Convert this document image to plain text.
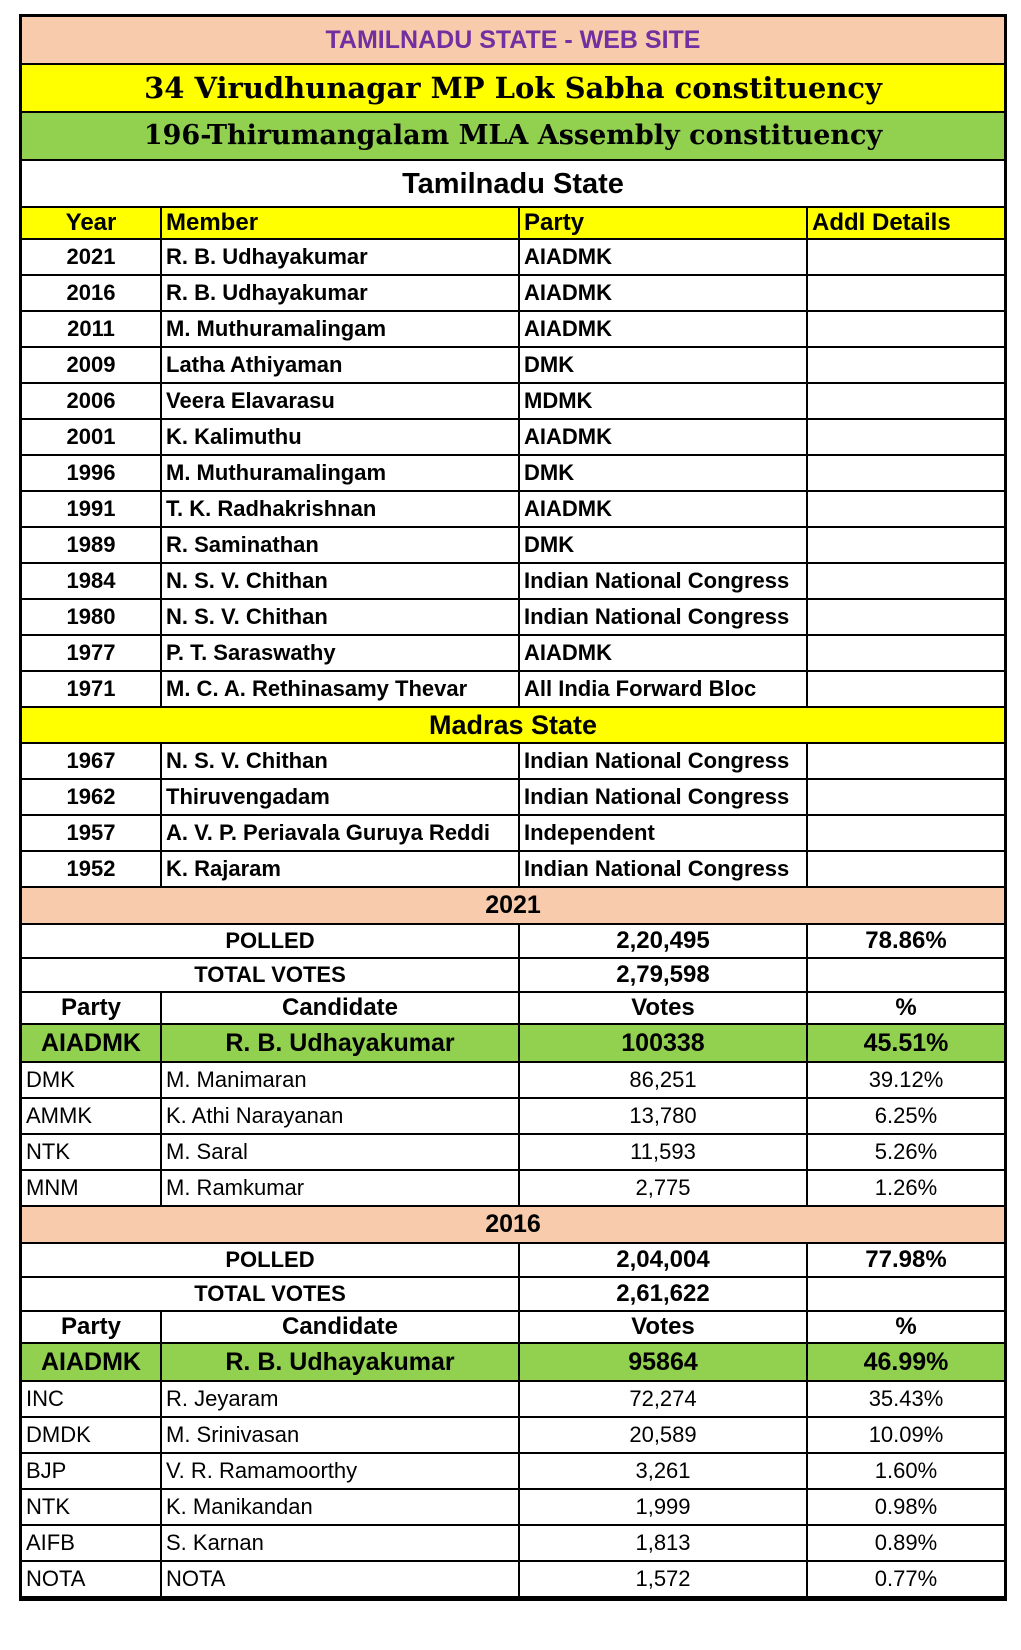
TAMILNADU STATE - WEB SITE
34 Virudhunagar MP Lok Sabha constituency
196-Thirumangalam MLA Assembly constituency
Tamilnadu State
Year	Member	Party	Addl Details
2021	R. B. Udhayakumar	AIADMK	
2016	R. B. Udhayakumar	AIADMK	
2011	M. Muthuramalingam	AIADMK	
2009	Latha Athiyaman	DMK	
2006	Veera Elavarasu	MDMK	
2001	K. Kalimuthu	AIADMK	
1996	M. Muthuramalingam	DMK	
1991	T. K. Radhakrishnan	AIADMK	
1989	R. Saminathan	DMK	
1984	N. S. V. Chithan	Indian National Congress	
1980	N. S. V. Chithan	Indian National Congress	
1977	P. T. Saraswathy	AIADMK	
1971	M. C. A. Rethinasamy Thevar	All India Forward Bloc	
Madras State			
1967	N. S. V. Chithan	Indian National Congress	
1962	Thiruvengadam	Indian National Congress	
1957	A. V. P. Periavala Guruya Reddi	Independent	
1952	K. Rajaram	Indian National Congress	
2021			
POLLED		2,20,495	78.86%
TOTAL VOTES		2,79,598	
Party	Candidate	Votes	%
AIADMK	R. B. Udhayakumar	100338	45.51%
DMK	M. Manimaran	86,251	39.12%
AMMK	K. Athi Narayanan	13,780	6.25%
NTK	M. Saral	11,593	5.26%
MNM	M. Ramkumar	2,775	1.26%
2016			
POLLED		2,04,004	77.98%
TOTAL VOTES		2,61,622	
Party	Candidate	Votes	%
AIADMK	R. B. Udhayakumar	95864	46.99%
INC	R. Jeyaram	72,274	35.43%
DMDK	M. Srinivasan	20,589	10.09%
BJP	V. R. Ramamoorthy	3,261	1.60%
NTK	K. Manikandan	1,999	0.98%
AIFB	S. Karnan	1,813	0.89%
NOTA	NOTA	1,572	0.77%
